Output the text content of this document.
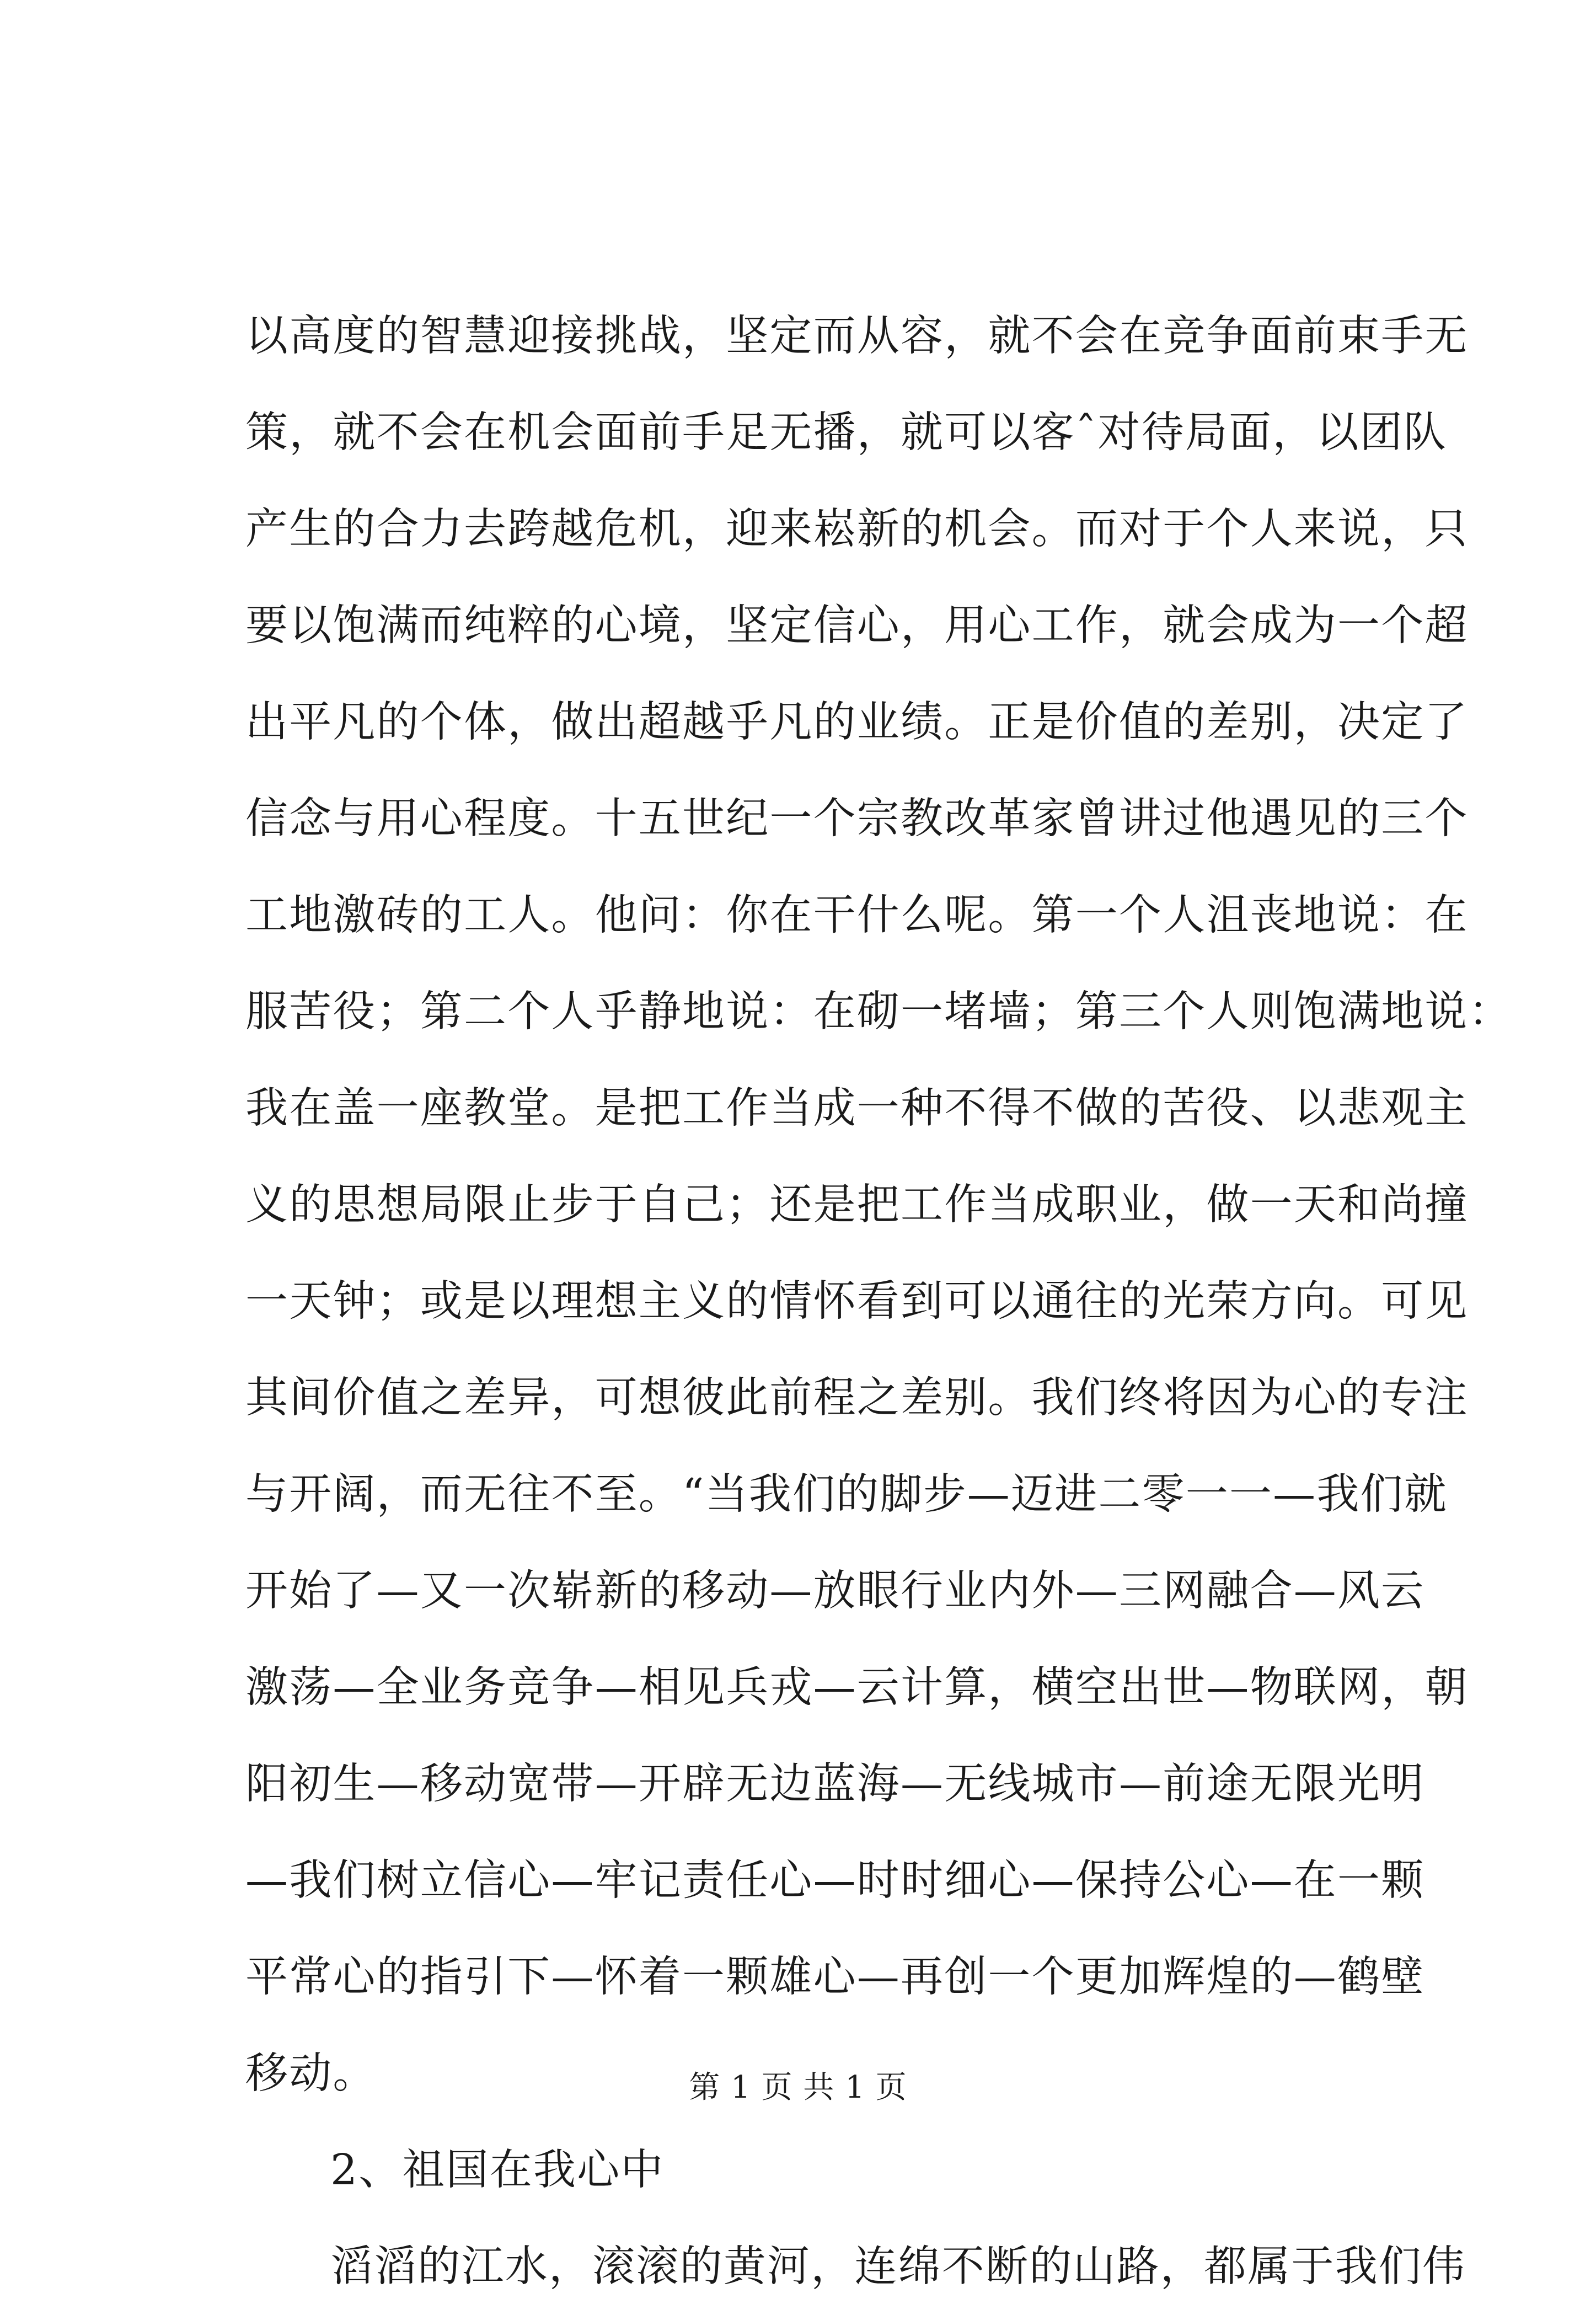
以高度的智慧迎接挑战，坚定而从容，就不会在竞争面前束手无
策，就不会在机会面前手足无播，就可以客ˆ对待局面，以团队
产生的合力去跨越危机，迎来崧新的机会。而对于个人来说，只
要以饱满而纯粹的心境，坚定信心，用心工作，就会成为一个超
出平凡的个体，做出超越乎凡的业绩。正是价值的差别，决定了
信念与用心程度。十五世纪一个宗教改革家曾讲过他遇见的三个
工地激砖的工人。他问：你在干什么呢。第一个人沮丧地说：在
服苦役；第二个人乎静地说：在砌一堵墙；第三个人则饱满地说：
我在盖一座教堂。是把工作当成一种不得不做的苦役、以悲观主
义的思想局限止步于自己；还是把工作当成职业，做一天和尚撞
一天钟；或是以理想主义的情怀看到可以通往的光荣方向。可见
其间价值之差异，可想彼此前程之差别。我们终将因为心的专注
与开阔，而无往不至。“当我们的脚步—迈进二零一一—我们就
开始了—又一次崭新的移动—放眼行业内外—三网融合—风云
激荡—全业务竞争—相见兵戎—云计算，横空出世—物联网，朝
阳初生—移动宽带—开辟无边蓝海—无线城市—前途无限光明
—我们树立信心—牢记责任心—时时细心—保持公心—在一颗
平常心的指引下—怀着一颗雄心—再创一个更加辉煌的—鹤壁
移动。
2、祖国在我心中
滔滔的江水，滚滚的黄河，连绵不断的山路，都属于我们伟
第 1 页 共 1 页
